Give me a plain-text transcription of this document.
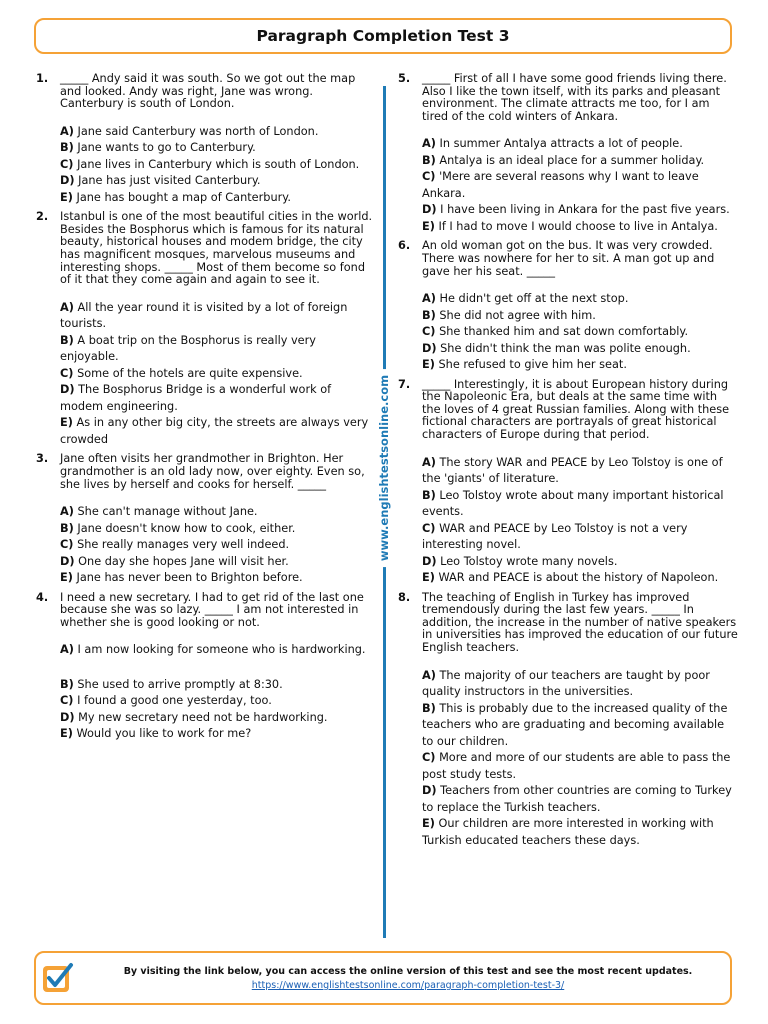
Paragraph Completion Test 3
1. _____ Andy said it was south. So we got out the map and looked. Andy was right, Jane was wrong. Canterbury is south of London.
A) Jane said Canterbury was north of London.
B) Jane wants to go to Canterbury.
C) Jane lives in Canterbury which is south of London.
D) Jane has just visited Canterbury.
E) Jane has bought a map of Canterbury.
2. Istanbul is one of the most beautiful cities in the world. Besides the Bosphorus which is famous for its natural beauty, historical houses and modem bridge, the city has magnificent mosques, marvelous museums and interesting shops. _____ Most of them become so fond of it that they come again and again to see it.
A) All the year round it is visited by a lot of foreign tourists.
B) A boat trip on the Bosphorus is really very enjoyable.
C) Some of the hotels are quite expensive.
D) The Bosphorus Bridge is a wonderful work of modem engineering.
E) As in any other big city, the streets are always very crowded
3. Jane often visits her grandmother in Brighton. Her grandmother is an old lady now, over eighty. Even so, she lives by herself and cooks for herself. _____
A) She can't manage without Jane.
B) Jane doesn't know how to cook, either.
C) She really manages very well indeed.
D) One day she hopes Jane will visit her.
E) Jane has never been to Brighton before.
4. I need a new secretary. I had to get rid of the last one because she was so lazy. _____ I am not interested in whether she is good looking or not.
A) I am now looking for someone who is hardworking.
B) She used to arrive promptly at 8:30.
C) I found a good one yesterday, too.
D) My new secretary need not be hardworking.
E) Would you like to work for me?
www.englishtestsonline.com
5. _____ First of all I have some good friends living there. Also I like the town itself, with its parks and pleasant environment. The climate attracts me too, for I am tired of the cold winters of Ankara.
A) In summer Antalya attracts a lot of people.
B) Antalya is an ideal place for a summer holiday.
C) 'Mere are several reasons why I want to leave Ankara.
D) I have been living in Ankara for the past five years.
E) If I had to move I would choose to live in Antalya.
6. An old woman got on the bus. It was very crowded. There was nowhere for her to sit. A man got up and gave her his seat. _____
A) He didn't get off at the next stop.
B) She did not agree with him.
C) She thanked him and sat down comfortably.
D) She didn't think the man was polite enough.
E) She refused to give him her seat.
7. _____ Interestingly, it is about European history during the Napoleonic Era, but deals at the same time with the loves of 4 great Russian families. Along with these fictional characters are portrayals of great historical characters of Europe during that period.
A) The story WAR and PEACE by Leo Tolstoy is one of the 'giants' of literature.
B) Leo Tolstoy wrote about many important historical events.
C) WAR and PEACE by Leo Tolstoy is not a very interesting novel.
D) Leo Tolstoy wrote many novels.
E) WAR and PEACE is about the history of Napoleon.
8. The teaching of English in Turkey has improved tremendously during the last few years. _____ In addition, the increase in the number of native speakers in universities has improved the education of our future English teachers.
A) The majority of our teachers are taught by poor quality instructors in the universities.
B) This is probably due to the increased quality of the teachers who are graduating and becoming available to our children.
C) More and more of our students are able to pass the post study tests.
D) Teachers from other countries are coming to Turkey to replace the Turkish teachers.
E) Our children are more interested in working with Turkish educated teachers these days.
By visiting the link below, you can access the online version of this test and see the most recent updates.
https://www.englishtestsonline.com/paragraph-completion-test-3/
